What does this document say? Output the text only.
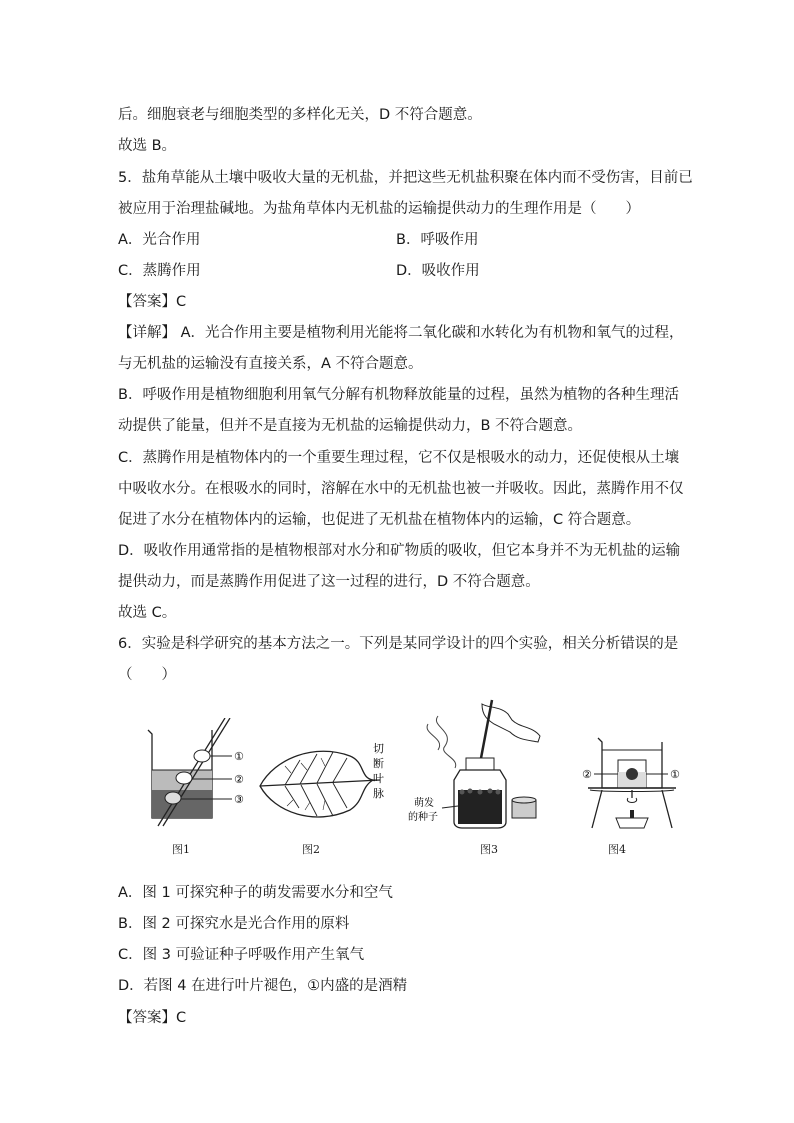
后。细胞衰老与细胞类型的多样化无关，D 不符合题意。
故选 B。
5．盐角草能从土壤中吸收大量的无机盐，并把这些无机盐积聚在体内而不受伤害，目前已
被应用于治理盐碱地。为盐角草体内无机盐的运输提供动力的生理作用是（　　）
A．光合作用	B．呼吸作用
C．蒸腾作用	D．吸收作用
【答案】C
【详解】 A．光合作用主要是植物利用光能将二氧化碳和水转化为有机物和氧气的过程，
与无机盐的运输没有直接关系，A 不符合题意。
B．呼吸作用是植物细胞利用氧气分解有机物释放能量的过程，虽然为植物的各种生理活
动提供了能量，但并不是直接为无机盐的运输提供动力，B 不符合题意。
C．蒸腾作用是植物体内的一个重要生理过程，它不仅是根吸水的动力，还促使根从土壤
中吸收水分。在根吸水的同时，溶解在水中的无机盐也被一并吸收。因此，蒸腾作用不仅
促进了水分在植物体内的运输，也促进了无机盐在植物体内的运输，C 符合题意。
D．吸收作用通常指的是植物根部对水分和矿物质的吸收，但它本身并不为无机盐的运输
提供动力，而是蒸腾作用促进了这一过程的进行，D 不符合题意。
故选 C。
6．实验是科学研究的基本方法之一。下列是某同学设计的四个实验，相关分析错误的是
（　　）
①
②
③
切
断
叶
脉
萌发
的种子
②	①
图1	图2	图3	图4
A．图 1 可探究种子的萌发需要水分和空气
B．图 2 可探究水是光合作用的原料
C．图 3 可验证种子呼吸作用产生氧气
D．若图 4 在进行叶片褪色，①内盛的是酒精
【答案】C
